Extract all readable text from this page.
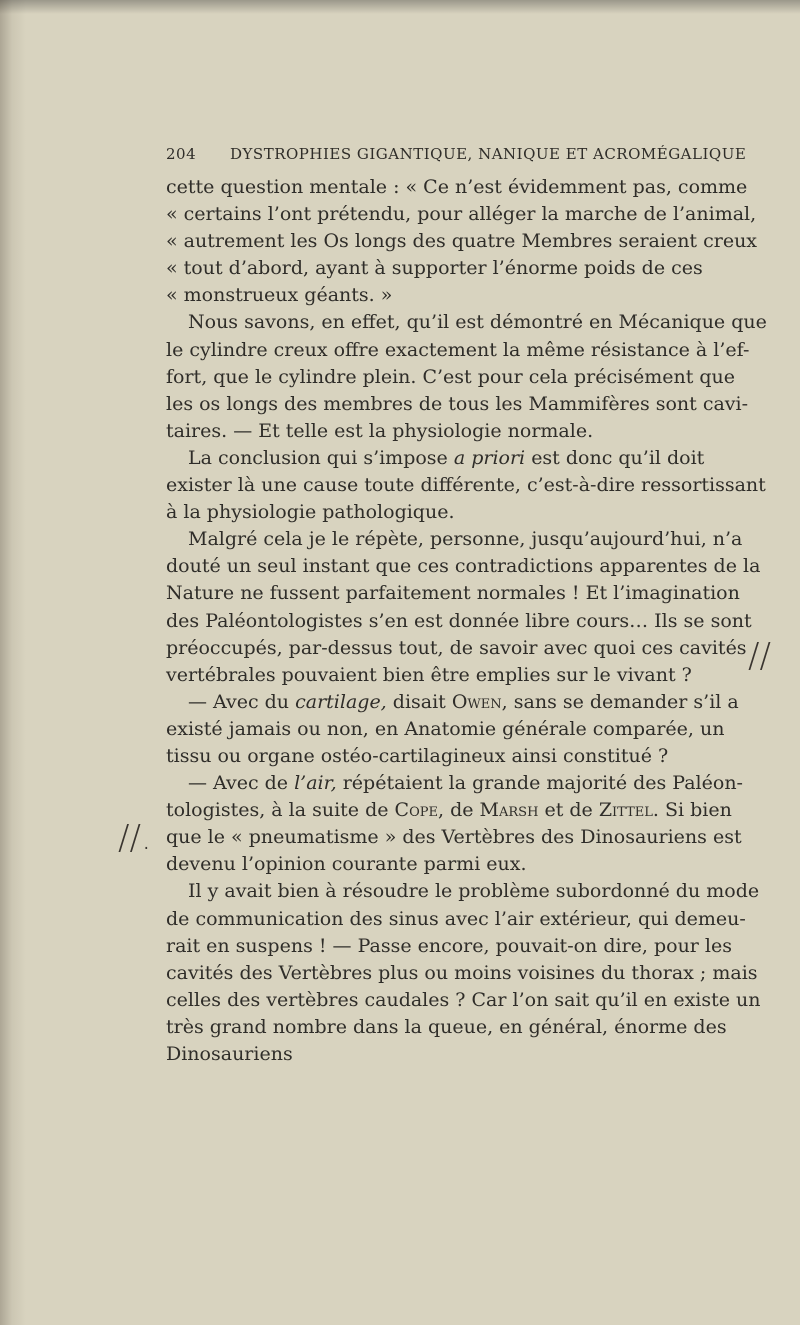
204 DYSTROPHIES GIGANTIQUE, NANIQUE ET ACROMÉGALIQUE
cette question mentale : « Ce n’est évidemment pas, comme
« certains l’ont prétendu, pour alléger la marche de l’animal,
« autrement les Os longs des quatre Membres seraient creux
« tout d’abord, ayant à supporter l’énorme poids de ces
« monstrueux géants. »
Nous savons, en effet, qu’il est démontré en Mécanique que
le cylindre creux offre exactement la même résistance à l’ef-
fort, que le cylindre plein. C’est pour cela précisément que
les os longs des membres de tous les Mammifères sont cavi-
taires. — Et telle est la physiologie normale.
La conclusion qui s’impose a priori est donc qu’il doit
exister là une cause toute différente, c’est-à-dire ressortissant
à la physiologie pathologique.
Malgré cela je le répète, personne, jusqu’aujourd’hui, n’a
douté un seul instant que ces contradictions apparentes de la
Nature ne fussent parfaitement normales ! Et l’imagination
des Paléontologistes s’en est donnée libre cours… Ils se sont
préoccupés, par-dessus tout, de savoir avec quoi ces cavités
vertébrales pouvaient bien être emplies sur le vivant ?
— Avec du cartilage, disait Owen, sans se demander s’il a
existé jamais ou non, en Anatomie générale comparée, un
tissu ou organe ostéo-cartilagineux ainsi constitué ?
— Avec de l’air, répétaient la grande majorité des Paléon-
tologistes, à la suite de Cope, de Marsh et de Zittel. Si bien
que le « pneumatisme » des Vertèbres des Dinosauriens est
devenu l’opinion courante parmi eux.
Il y avait bien à résoudre le problème subordonné du mode
de communication des sinus avec l’air extérieur, qui demeu-
rait en suspens ! — Passe encore, pouvait-on dire, pour les
cavités des Vertèbres plus ou moins voisines du thorax ; mais
celles des vertèbres caudales ? Car l’on sait qu’il en existe un
très grand nombre dans la queue, en général, énorme des
Dinosauriens
//
//.
